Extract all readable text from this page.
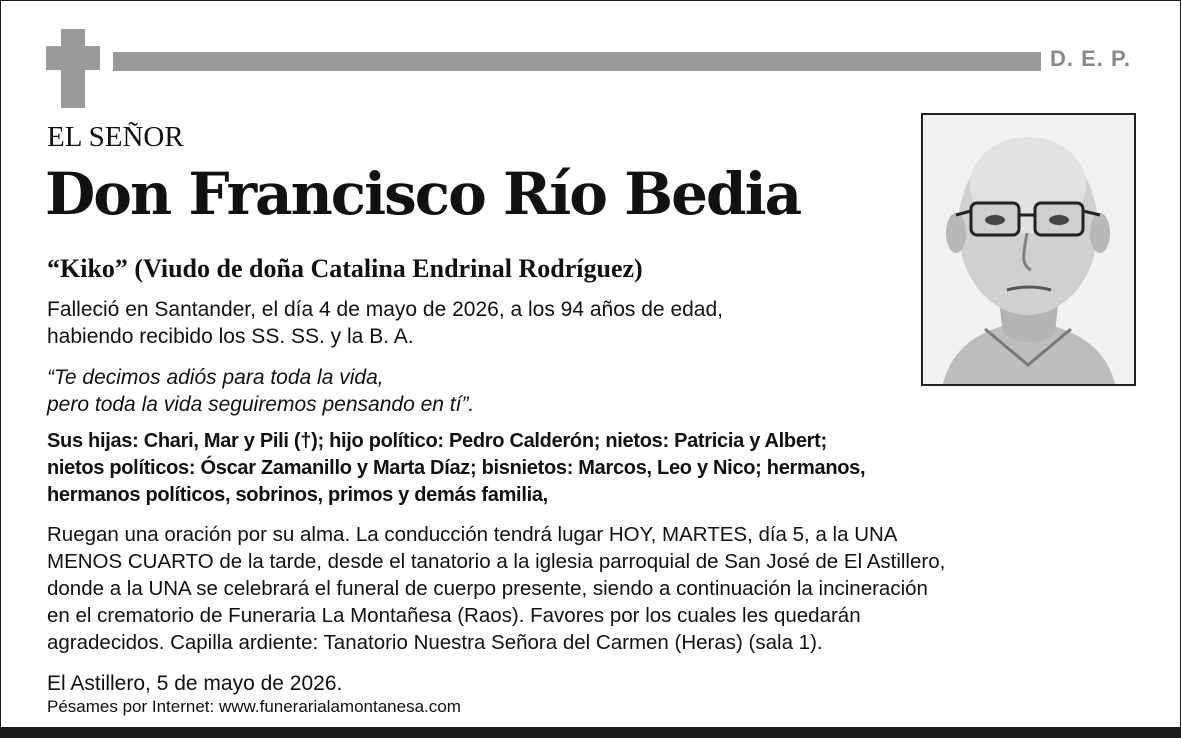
D. E. P.
EL SEÑOR
Don Francisco Río Bedia
“Kiko” (Viudo de doña Catalina Endrinal Rodríguez)
Falleció en Santander, el día 4 de mayo de 2026, a los 94 años de edad,
habiendo recibido los SS. SS. y la B. A.
“Te decimos adiós para toda la vida,
pero toda la vida seguiremos pensando en tí”.
Sus hijas: Chari, Mar y Pili (†); hijo político: Pedro Calderón; nietos: Patricia y Albert;
nietos políticos: Óscar Zamanillo y Marta Díaz; bisnietos: Marcos, Leo y Nico; hermanos,
hermanos políticos, sobrinos, primos y demás familia,
Ruegan una oración por su alma. La conducción tendrá lugar HOY, MARTES, día 5, a la UNA
MENOS CUARTO de la tarde, desde el tanatorio a la iglesia parroquial de San José de El Astillero,
donde a la UNA se celebrará el funeral de cuerpo presente, siendo a continuación la incineración
en el crematorio de Funeraria La Montañesa (Raos). Favores por los cuales les quedarán
agradecidos. Capilla ardiente: Tanatorio Nuestra Señora del Carmen (Heras) (sala 1).
El Astillero, 5 de mayo de 2026.
Pésames por Internet: www.funerarialamontanesa.com
